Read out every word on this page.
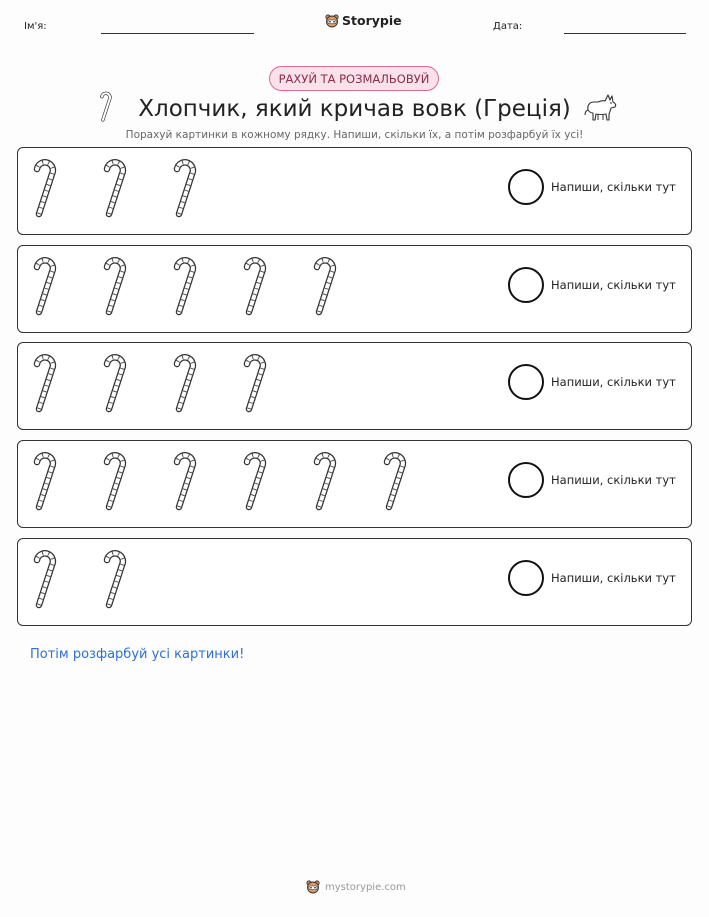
Ім'я:	Storypie	Дата:
РАХУЙ ТА РОЗМАЛЬОВУЙ
Хлопчик, який кричав вовк (Греція)
Порахуй картинки в кожному рядку. Напиши, скільки їх, а потім розфарбуй їх усі!
Напиши, скільки тут
Напиши, скільки тут
Напиши, скільки тут
Напиши, скільки тут
Напиши, скільки тут
Потім розфарбуй усі картинки!
mystorypie.com
